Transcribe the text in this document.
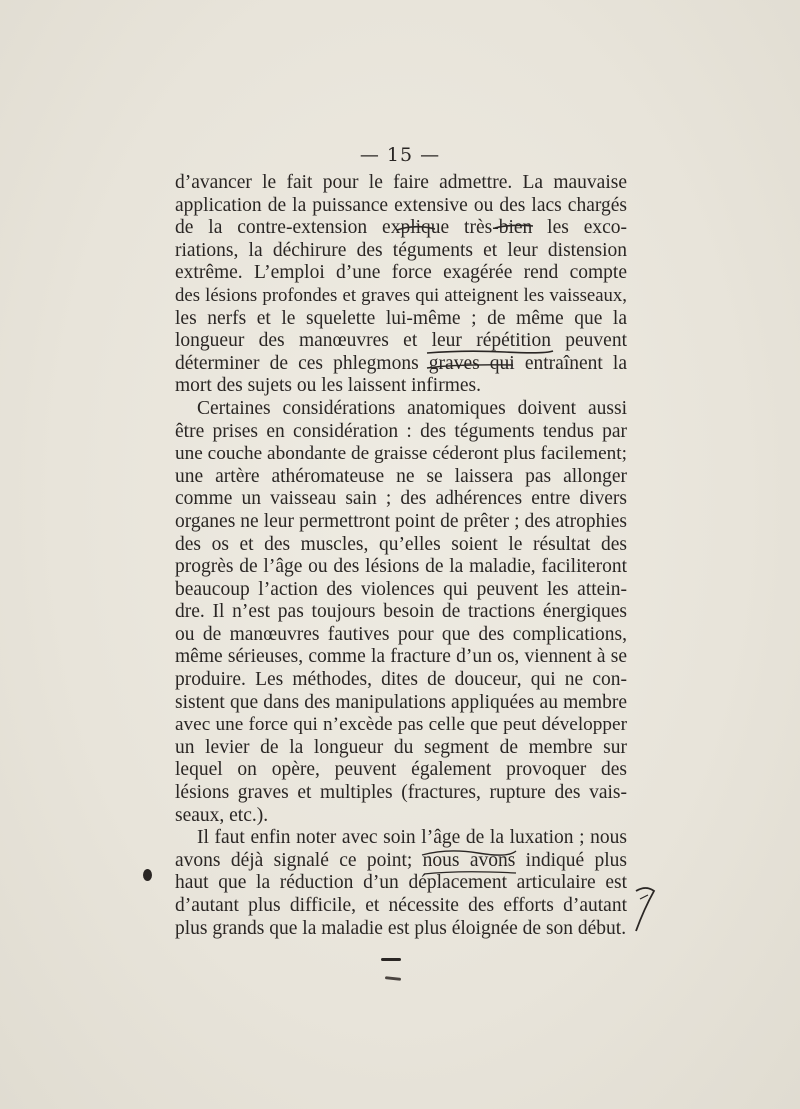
— 15 —
d’avancer le fait pour le faire admettre. La mauvaise
application de la puissance extensive ou des lacs chargés
de la contre-extension explique très-bien les exco-
riations, la déchirure des téguments et leur distension
extrême. L’emploi d’une force exagérée rend compte
des lésions profondes et graves qui atteignent les vaisseaux,
les nerfs et le squelette lui-même ; de même que la
longueur des manœuvres et leur répétition peuvent
déterminer de ces phlegmons graves qui entraînent la
mort des sujets ou les laissent infirmes.
Certaines considérations anatomiques doivent aussi
être prises en considération : des téguments tendus par
une couche abondante de graisse céderont plus facilement;
une artère athéromateuse ne se laissera pas allonger
comme un vaisseau sain ; des adhérences entre divers
organes ne leur permettront point de prêter ; des atrophies
des os et des muscles, qu’elles soient le résultat des
progrès de l’âge ou des lésions de la maladie, faciliteront
beaucoup l’action des violences qui peuvent les attein-
dre. Il n’est pas toujours besoin de tractions énergiques
ou de manœuvres fautives pour que des complications,
même sérieuses, comme la fracture d’un os, viennent à se
produire. Les méthodes, dites de douceur, qui ne con-
sistent que dans des manipulations appliquées au membre
avec une force qui n’excède pas celle que peut développer
un levier de la longueur du segment de membre sur
lequel on opère, peuvent également provoquer des
lésions graves et multiples (fractures, rupture des vais-
seaux, etc.).
Il faut enfin noter avec soin l’âge de la luxation ; nous
avons déjà signalé ce point; nous avons indiqué plus
haut que la réduction d’un déplacement articulaire est
d’autant plus difficile, et nécessite des efforts d’autant
plus grands que la maladie est plus éloignée de son début.
